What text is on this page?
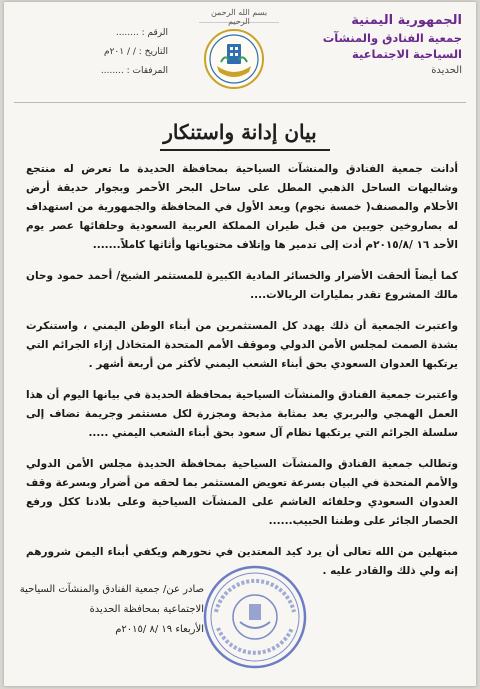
الجمهورية اليمنية
جمعية الفنادق والمنشآت
السياحية الاجتماعية
الحديدة
بسم الله الرحمن الرحيم
الرقم : ........
التاريخ : / / ٢٠١م
المرفقات : ........
بيان إدانة واستنكار

أدانت جمعية الفنادق والمنشآت السياحية بمحافظة الحديدة ما تعرض له منتجع وشاليهات الساحل الذهبي المطل على ساحل البحر الأحمر وبجوار حديقة أرض الأحلام والمصنف( خمسة نجوم) ويعد الأول في المحافظة والجمهورية من استهداف له بصاروخين جويين من قبل طيران المملكة العربية السعودية وحلفائها عصر يوم الأحد ١٦ /٢٠١٥/٨م أدت إلى تدمير ها وإتلاف محتوياتها وأثاثها كاملاً.......

كما أيضاً ألحقت الأضرار والخسائر المادية الكبيرة للمستثمر الشيخ/ أحمد حمود وحان مالك المشروع تقدر بمليارات الريالات....

واعتبرت الجمعية أن ذلك يهدد كل المستثمرين من أبناء الوطن اليمني ، واستنكرت بشدة الصمت لمجلس الأمن الدولي وموقف الأمم المتحدة المتخاذل إزاء الجرائم التي يرتكبها العدوان السعودي بحق أبناء الشعب اليمني لأكثر من أربعة أشهر .

واعتبرت جمعية الفنادق والمنشآت السياحية بمحافظة الحديدة في بيانها اليوم أن هذا العمل الهمجي والبربري يعد بمثابة مذبحة ومجزرة لكل مستثمر وجريمة تضاف إلى سلسلة الجرائم التي يرتكبها نظام آل سعود بحق أبناء الشعب اليمني .....

وتطالب جمعية الفنادق والمنشآت السياحية بمحافظة الحديدة مجلس الأمن الدولي والأمم المتحدة في البيان بسرعة تعويض المستثمر بما لحقه من أضرار وبسرعة وقف العدوان السعودي وحلفائه الغاشم على المنشآت السياحية وعلى بلادنا ككل ورفع الحصار الجائر على وطننا الحبيب......

مبتهلين من الله تعالى أن يرد كيد المعتدين في نحورهم ويكفي أبناء اليمن شرورهم إنه ولي ذلك والقادر عليه .

صادر عن/ جمعية الفنادق والمنشآت السياحية
الاجتماعية بمحافظة الحديدة
الأربعاء ١٩ /٨ /٢٠١٥م
